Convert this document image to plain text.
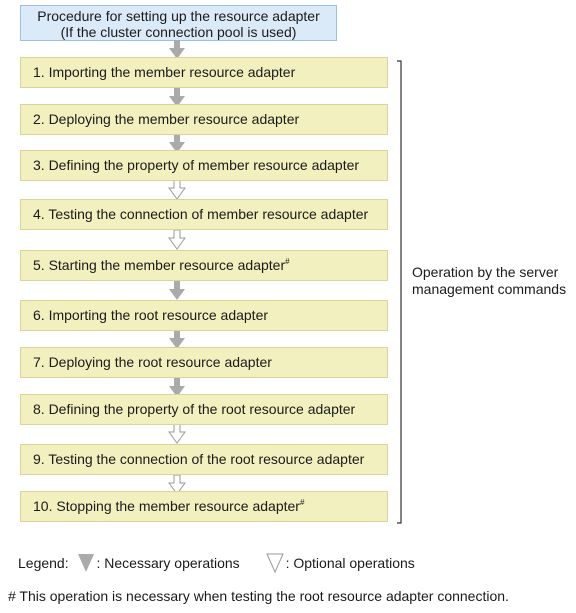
Procedure for setting up the resource adapter
(If the cluster connection pool is used)
1. Importing the member resource adapter
2. Deploying the member resource adapter
3. Defining the property of member resource adapter
4. Testing the connection of member resource adapter
5. Starting the member resource adapter#
6. Importing the root resource adapter
7. Deploying the root resource adapter
8. Defining the property of the root resource adapter
9. Testing the connection of the root resource adapter
10. Stopping the member resource adapter#
Operation by the server
management commands
Legend: : Necessary operations	: Optional operations
# This operation is necessary when testing the root resource adapter connection.
